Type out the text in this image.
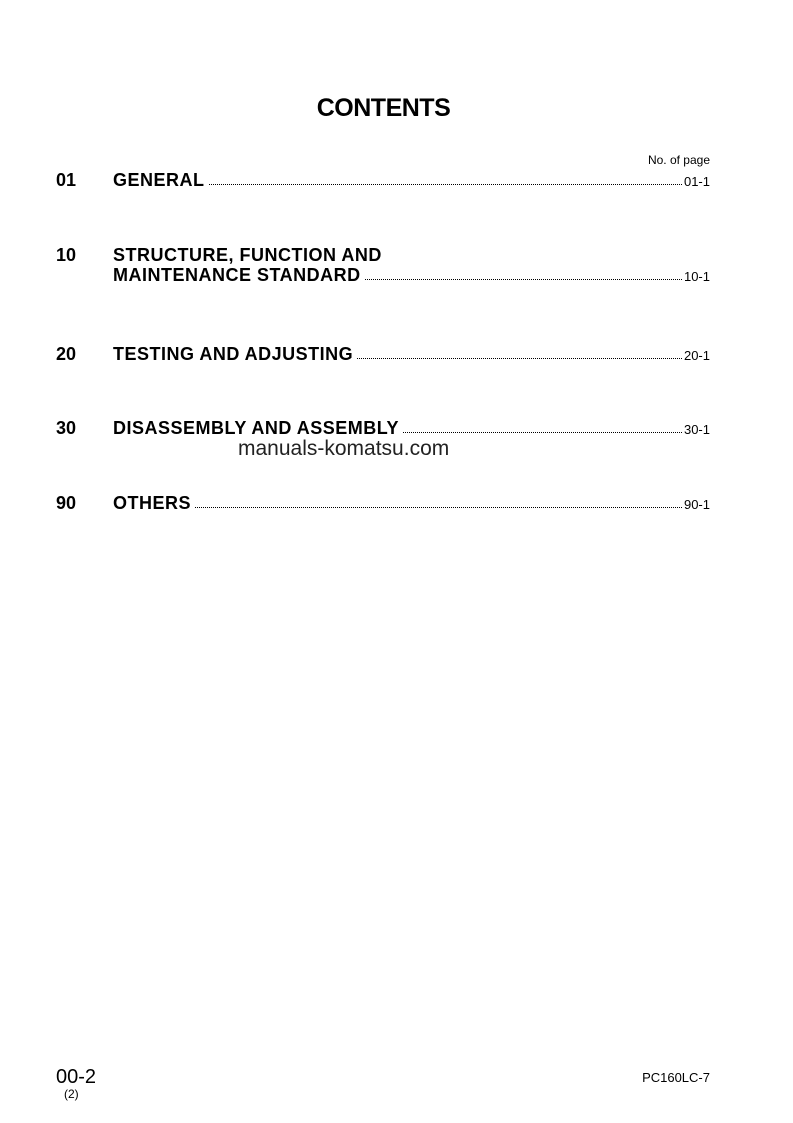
CONTENTS
No. of page
01 GENERAL	01-1
10 STRUCTURE, FUNCTION AND
MAINTENANCE STANDARD	10-1
20 TESTING AND ADJUSTING	20-1
30 DISASSEMBLY AND ASSEMBLY	30-1
manuals-komatsu.com
90 OTHERS	90-1
00-2
(2)
PC160LC-7
